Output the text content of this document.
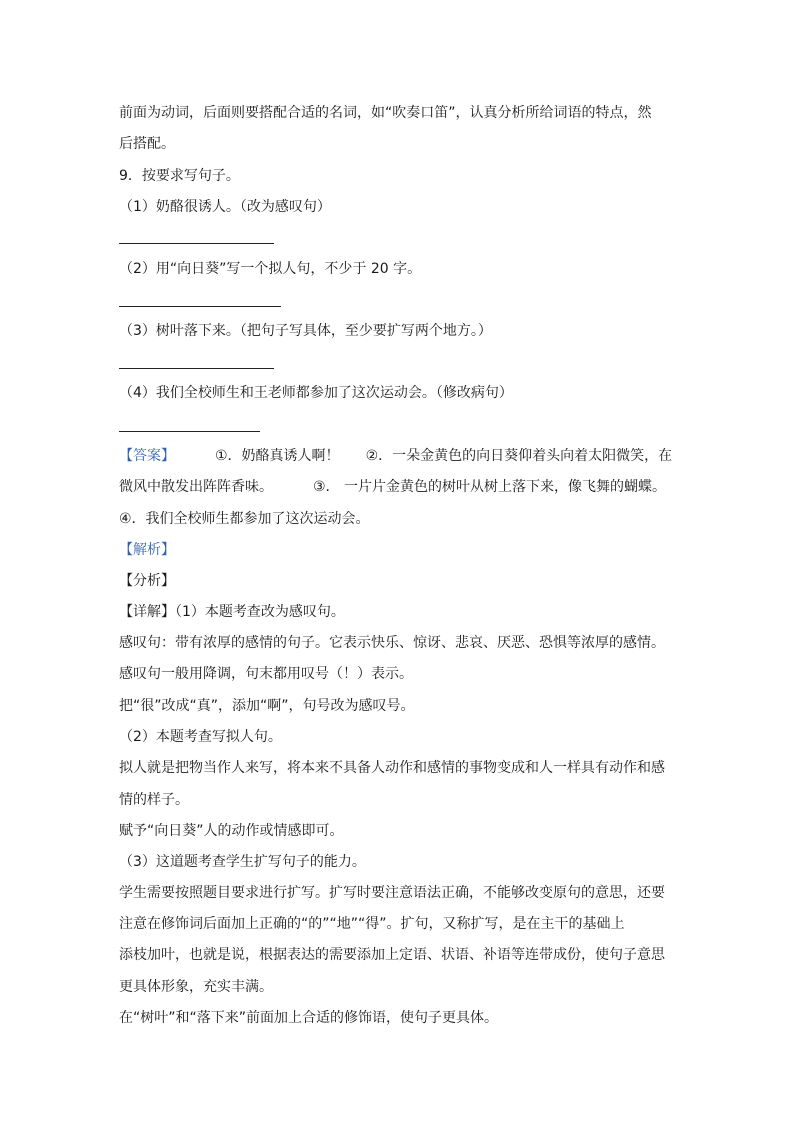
前面为动词，后面则要搭配合适的名词，如“吹奏口笛”，认真分析所给词语的特点，然
后搭配。
9．按要求写句子。
（1）奶酪很诱人。（改为感叹句）
（2）用“向日葵”写一个拟人句，不少于 20 字。
（3）树叶落下来。（把句子写具体，至少要扩写两个地方。）
（4）我们全校师生和王老师都参加了这次运动会。（修改病句）
【答案】	①．奶酪真诱人啊！ ②．一朵金黄色的向日葵仰着头向着太阳微笑，在
微风中散发出阵阵香味。	③． 一片片金黄色的树叶从树上落下来，像飞舞的蝴蝶。
④．我们全校师生都参加了这次运动会。
【解析】
【分析】
【详解】（1）本题考查改为感叹句。
感叹句：带有浓厚的感情的句子。它表示快乐、惊讶、悲哀、厌恶、恐惧等浓厚的感情。
感叹句一般用降调，句末都用叹号（！）表示。
把“很”改成“真”，添加“啊”，句号改为感叹号。
（2）本题考查写拟人句。
拟人就是把物当作人来写，将本来不具备人动作和感情的事物变成和人一样具有动作和感
情的样子。
赋予“向日葵”人的动作或情感即可。
（3）这道题考查学生扩写句子的能力。
学生需要按照题目要求进行扩写。扩写时要注意语法正确，不能够改变原句的意思，还要
注意在修饰词后面加上正确的“的”“地”“得”。扩句，又称扩写，是在主干的基础上
添枝加叶，也就是说，根据表达的需要添加上定语、状语、补语等连带成份，使句子意思
更具体形象，充实丰满。
在“树叶”和“落下来”前面加上合适的修饰语，使句子更具体。
